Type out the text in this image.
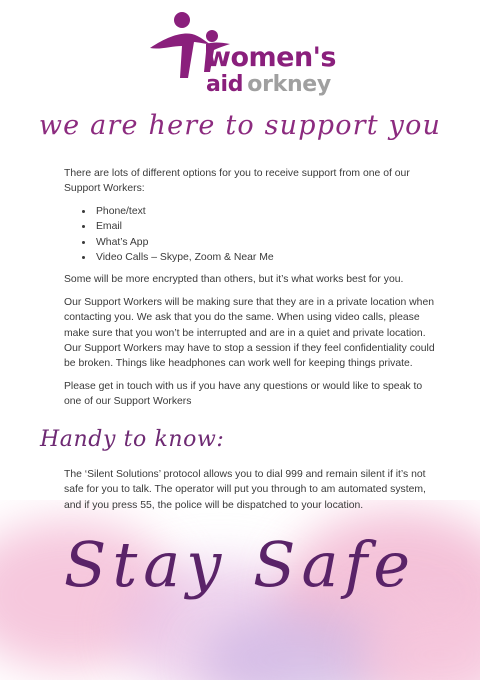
women's
aid orkney
we are here to support you

There are lots of different options for you to receive support from one of our Support Workers:

• Phone/text
• Email
• What’s App
• Video Calls – Skype, Zoom & Near Me

Some will be more encrypted than others, but it’s what works best for you.

Our Support Workers will be making sure that they are in a private location when contacting you. We ask that you do the same. When using video calls, please make sure that you won’t be interrupted and are in a quiet and private location. Our Support Workers may have to stop a session if they feel confidentiality could be broken. Things like headphones can work well for keeping things private.

Please get in touch with us if you have any questions or would like to speak to one of our Support Workers

Handy to know:

The ‘Silent Solutions’ protocol allows you to dial 999 and remain silent if it’s not safe for you to talk. The operator will put you through to am automated system, and if you press 55, the police will be dispatched to your location.

Stay Safe
